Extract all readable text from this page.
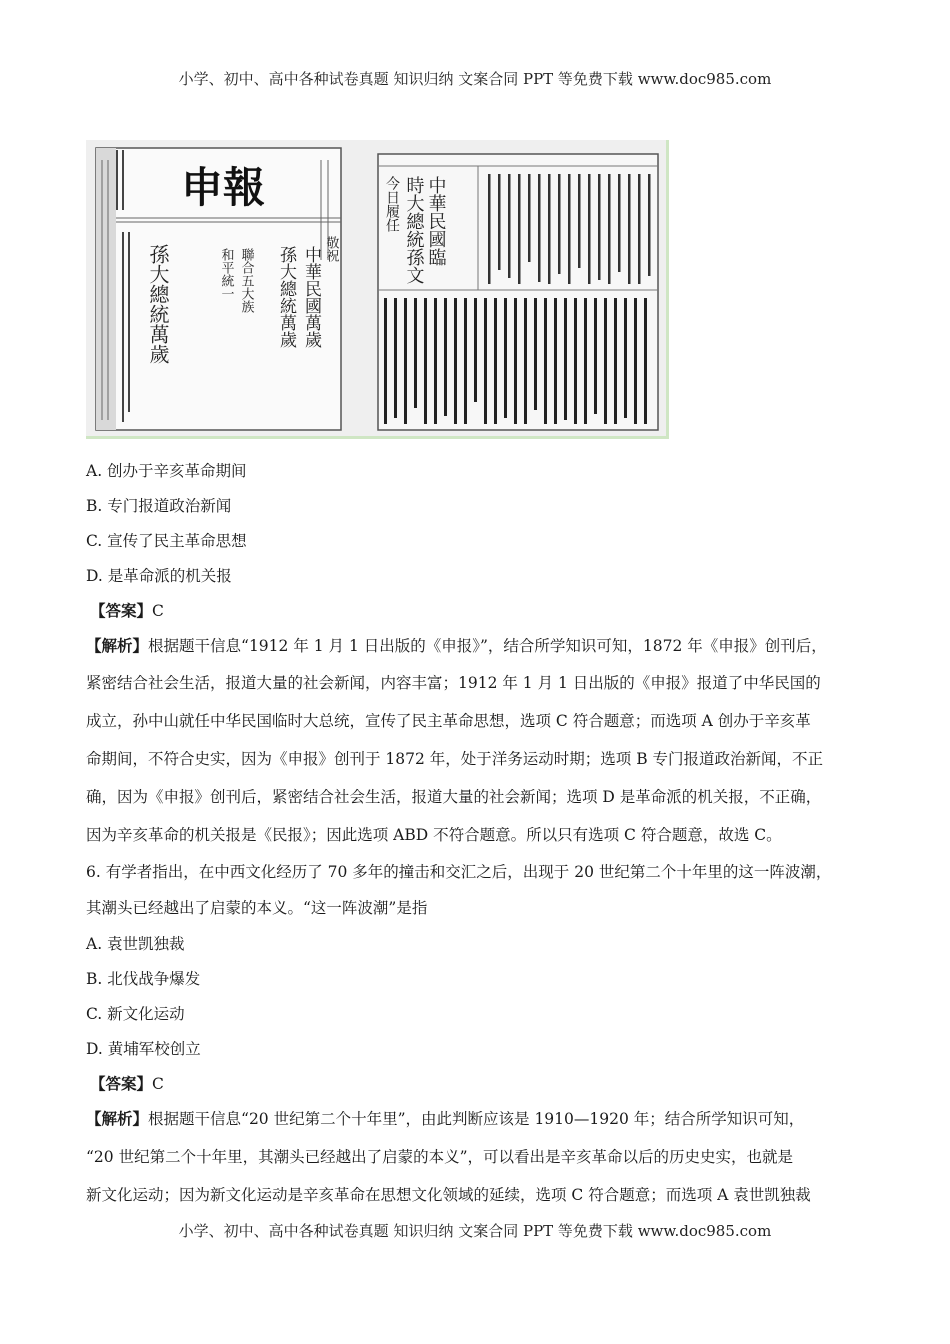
小学、初中、高中各种试卷真题 知识归纳 文案合同 PPT 等免费下载 www.doc985.com
申報
中華民國萬歲
孫大總統萬歲 敬祝
孫大總統萬歲	聯合五大族
和平統一
中華民國臨
時大總統孫文
今日履任
A. 创办于辛亥革命期间
B. 专门报道政治新闻
C. 宣传了民主革命思想
D. 是革命派的机关报
【答案】C
【解析】根据题干信息“1912 年 1 月 1 日出版的《申报》”，结合所学知识可知，1872 年《申报》创刊后，
紧密结合社会生活，报道大量的社会新闻，内容丰富；1912 年 1 月 1 日出版的《申报》报道了中华民国的
成立，孙中山就任中华民国临时大总统，宣传了民主革命思想，选项 C 符合题意；而选项 A 创办于辛亥革
命期间，不符合史实，因为《申报》创刊于 1872 年，处于洋务运动时期；选项 B 专门报道政治新闻，不正
确，因为《申报》创刊后，紧密结合社会生活，报道大量的社会新闻；选项 D 是革命派的机关报，不正确，
因为辛亥革命的机关报是《民报》；因此选项 ABD 不符合题意。所以只有选项 C 符合题意，故选 C。
6. 有学者指出，在中西文化经历了 70 多年的撞击和交汇之后，出现于 20 世纪第二个十年里的这一阵波潮，
其潮头已经越出了启蒙的本义。“这一阵波潮”是指
A. 袁世凯独裁
B. 北伐战争爆发
C. 新文化运动
D. 黄埔军校创立
【答案】C
【解析】根据题干信息“20 世纪第二个十年里”，由此判断应该是 1910—1920 年；结合所学知识可知，
“20 世纪第二个十年里，其潮头已经越出了启蒙的本义”，可以看出是辛亥革命以后的历史史实，也就是
新文化运动；因为新文化运动是辛亥革命在思想文化领域的延续，选项 C 符合题意；而选项 A 袁世凯独裁
小学、初中、高中各种试卷真题 知识归纳 文案合同 PPT 等免费下载 www.doc985.com
